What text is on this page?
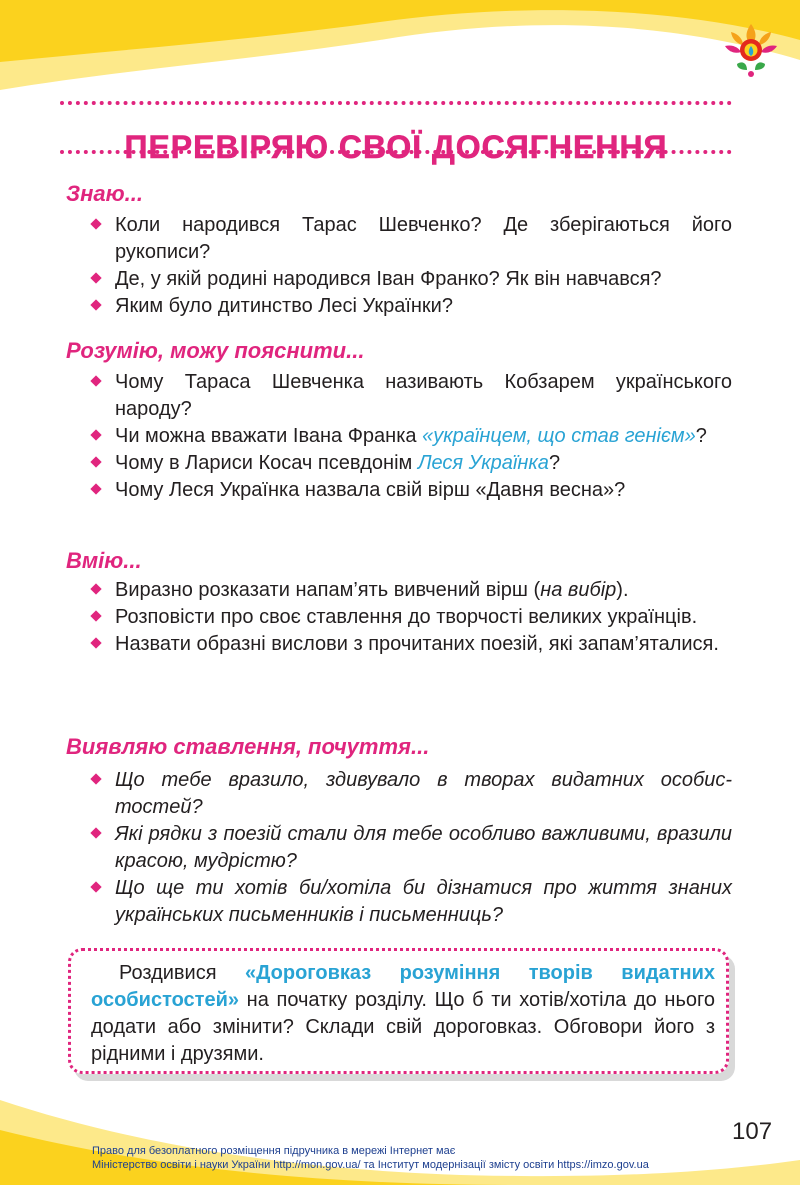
ПЕРЕВІРЯЮ СВОЇ ДОСЯГНЕННЯ
Знаю...
Коли народився Тарас Шевченко? Де зберігаються його рукописи?
Де, у якій родині народився Іван Франко? Як він навчався?
Яким було дитинство Лесі Українки?
Розумію, можу пояснити...
Чому Тараса Шевченка називають Кобзарем українського народу?
Чи можна вважати Івана Франка «українцем, що став генієм»?
Чому в Лариси Косач псевдонім Леся Українка?
Чому Леся Українка назвала свій вірш «Давня весна»?
Вмію...
Виразно розказати напам’ять вивчений вірш (на вибір).
Розповісти про своє ставлення до творчості великих українців.
Назвати образні вислови з прочитаних поезій, які запам’яталися.
Виявляю ставлення, почуття...
Що тебе вразило, здивувало в творах видатних особистостей?
Які рядки з поезій стали для тебе особливо важливими, вразили красою, мудрістю?
Що ще ти хотів би/хотіла би дізнатися про життя знаних українських письменників і письменниць?

Роздивися «Дороговказ розуміння творів видатних особистостей» на початку розділу. Що б ти хотів/хотіла до нього додати або змінити? Склади свій дороговказ. Обговори його з рідними і друзями.

107
Право для безоплатного розміщення підручника в мережі Інтернет має
Міністерство освіти і науки України http://mon.gov.ua/ та Інститут модернізації змісту освіти https://imzo.gov.ua
